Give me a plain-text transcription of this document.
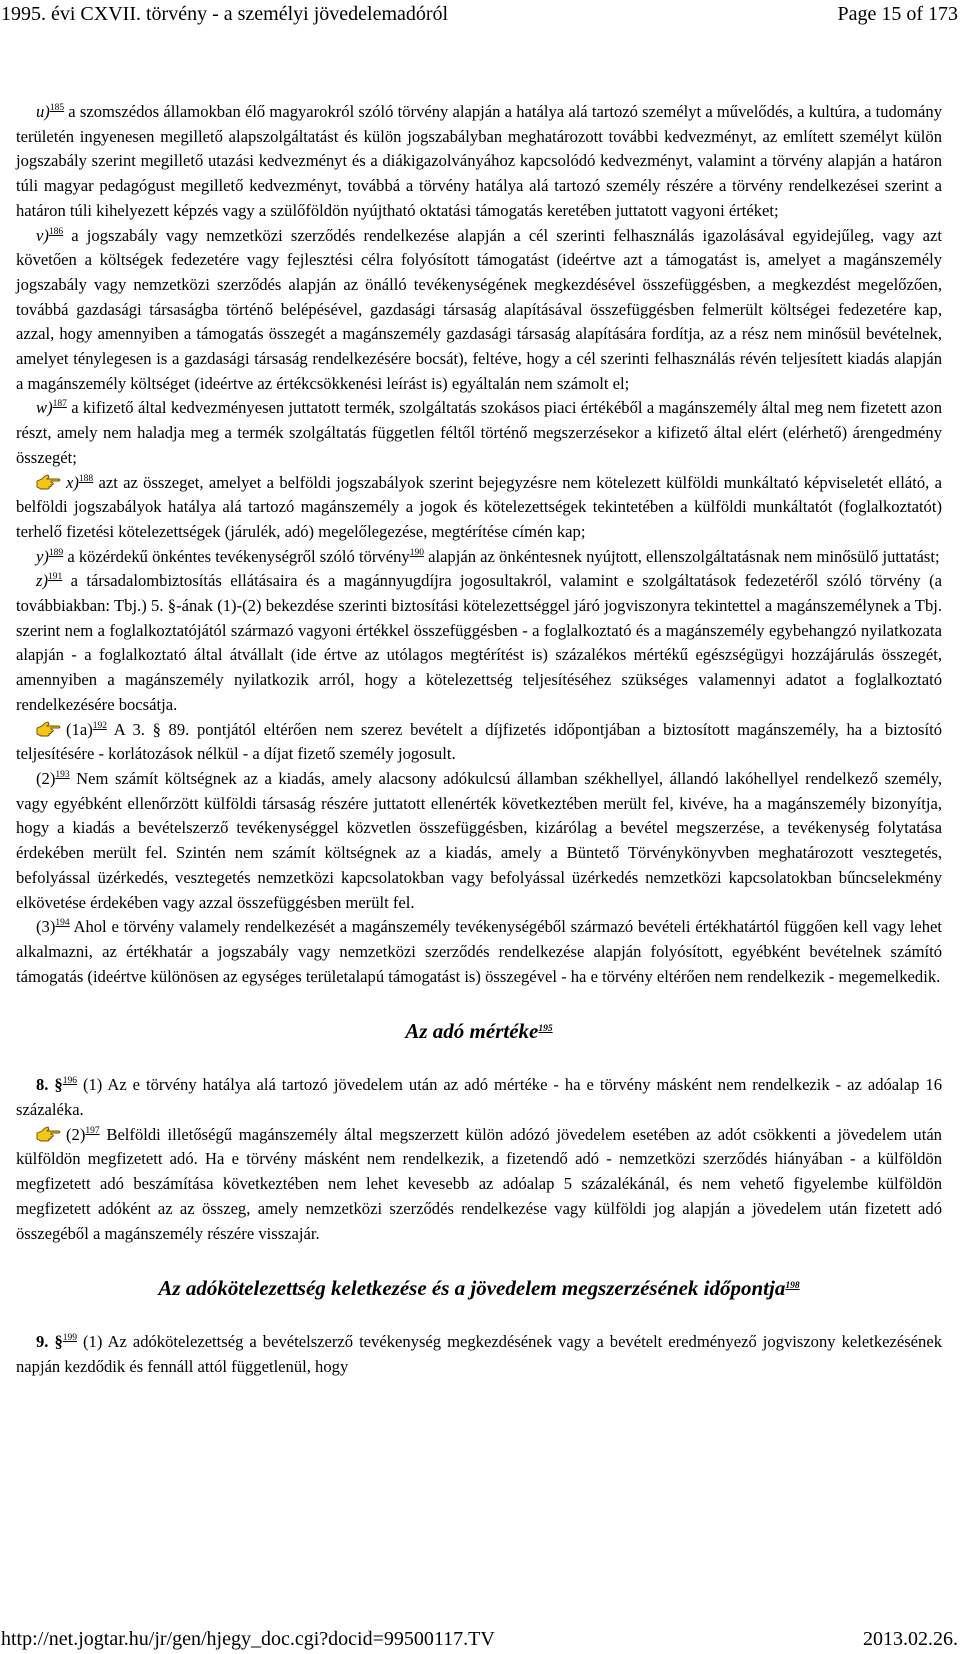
1995. évi CXVII. törvény - a személyi jövedelemadóról	Page 15 of 173

u)$^{185}$ a szomszédos államokban élő magyarokról szóló törvény alapján a hatálya alá tartozó személyt a művelődés, a kultúra, a tudomány területén ingyenesen megillető alapszolgáltatást és külön jogszabályban meghatározott további kedvezményt, az említett személyt külön jogszabály szerint megillető utazási kedvezményt és a diákigazolványához kapcsolódó kedvezményt, valamint a törvény alapján a határon túli magyar pedagógust megillető kedvezményt, továbbá a törvény hatálya alá tartozó személy részére a törvény rendelkezései szerint a határon túli kihelyezett képzés vagy a szülőföldön nyújtható oktatási támogatás keretében juttatott vagyoni értéket;

v)$^{186}$ a jogszabály vagy nemzetközi szerződés rendelkezése alapján a cél szerinti felhasználás igazolásával egyidejűleg, vagy azt követően a költségek fedezetére vagy fejlesztési célra folyósított támogatást (ideértve azt a támogatást is, amelyet a magánszemély jogszabály vagy nemzetközi szerződés alapján az önálló tevékenységének megkezdésével összefüggésben, a megkezdést megelőzően, továbbá gazdasági társaságba történő belépésével, gazdasági társaság alapításával összefüggésben felmerült költségei fedezetére kap, azzal, hogy amennyiben a támogatás összegét a magánszemély gazdasági társaság alapítására fordítja, az a rész nem minősül bevételnek, amelyet ténylegesen is a gazdasági társaság rendelkezésére bocsát), feltéve, hogy a cél szerinti felhasználás révén teljesített kiadás alapján a magánszemély költséget (ideértve az értékcsökkenési leírást is) egyáltalán nem számolt el;

w)$^{187}$ a kifizető által kedvezményesen juttatott termék, szolgáltatás szokásos piaci értékéből a magánszemély által meg nem fizetett azon részt, amely nem haladja meg a termék szolgáltatás független féltől történő megszerzésekor a kifizető által elért (elérhető) árengedmény összegét;

x)$^{188}$ azt az összeget, amelyet a belföldi jogszabályok szerint bejegyzésre nem kötelezett külföldi munkáltató képviseletét ellátó, a belföldi jogszabályok hatálya alá tartozó magánszemély a jogok és kötelezettségek tekintetében a külföldi munkáltatót (foglalkoztatót) terhelő fizetési kötelezettségek (járulék, adó) megelőlegezése, megtérítése címén kap;

y)$^{189}$ a közérdekű önkéntes tevékenységről szóló törvény$^{190}$ alapján az önkéntesnek nyújtott, ellenszolgáltatásnak nem minősülő juttatást;

z)$^{191}$ a társadalombiztosítás ellátásaira és a magánnyugdíjra jogosultakról, valamint e szolgáltatások fedezetéről szóló törvény (a továbbiakban: Tbj.) 5. §-ának (1)-(2) bekezdése szerinti biztosítási kötelezettséggel járó jogviszonyra tekintettel a magánszemélynek a Tbj. szerint nem a foglalkoztatójától származó vagyoni értékkel összefüggésben - a foglalkoztató és a magánszemély egybehangzó nyilatkozata alapján - a foglalkoztató által átvállalt (ide értve az utólagos megtérítést is) százalékos mértékű egészségügyi hozzájárulás összegét, amennyiben a magánszemély nyilatkozik arról, hogy a kötelezettség teljesítéséhez szükséges valamennyi adatot a foglalkoztató rendelkezésére bocsátja.

$(1a)^{192}$ A 3. § 89. pontjától eltérően nem szerez bevételt a díjfizetés időpontjában a biztosított magánszemély, ha a biztosító teljesítésére - korlátozások nélkül - a díjat fizető személy jogosult.

$(2)^{193}$ Nem számít költségnek az a kiadás, amely alacsony adókulcsú államban székhellyel, állandó lakóhellyel rendelkező személy, vagy egyébként ellenőrzött külföldi társaság részére juttatott ellenérték következtében merült fel, kivéve, ha a magánszemély bizonyítja, hogy a kiadás a bevételszerző tevékenységgel közvetlen összefüggésben, kizárólag a bevétel megszerzése, a tevékenység folytatása érdekében merült fel. Szintén nem számít költségnek az a kiadás, amely a Büntető Törvénykönyvben meghatározott vesztegetés, befolyással üzérkedés, vesztegetés nemzetközi kapcsolatokban vagy befolyással üzérkedés nemzetközi kapcsolatokban bűncselekmény elkövetése érdekében vagy azzal összefüggésben merült fel.

$(3)^{194}$ Ahol e törvény valamely rendelkezését a magánszemély tevékenységéből származó bevételi értékhatártól függően kell vagy lehet alkalmazni, az értékhatár a jogszabály vagy nemzetközi szerződés rendelkezése alapján folyósított, egyébként bevételnek számító támogatás (ideértve különösen az egységes területalapú támogatást is) összegével - ha e törvény eltérően nem rendelkezik - megemelkedik.

Az adó mértéke$^{195}$

8. §$^{196}$ (1) Az e törvény hatálya alá tartozó jövedelem után az adó mértéke - ha e törvény másként nem rendelkezik - az adóalap 16 százaléka.

$(2)^{197}$ Belföldi illetőségű magánszemély által megszerzett külön adózó jövedelem esetében az adót csökkenti a jövedelem után külföldön megfizetett adó. Ha e törvény másként nem rendelkezik, a fizetendő adó - nemzetközi szerződés hiányában - a külföldön megfizetett adó beszámítása következtében nem lehet kevesebb az adóalap 5 százalékánál, és nem vehető figyelembe külföldön megfizetett adóként az az összeg, amely nemzetközi szerződés rendelkezése vagy külföldi jog alapján a jövedelem után fizetett adó összegéből a magánszemély részére visszajár.

Az adókötelezettség keletkezése és a jövedelem megszerzésének időpontja$^{198}$

9. §$^{199}$ (1) Az adókötelezettség a bevételszerző tevékenység megkezdésének vagy a bevételt eredményező jogviszony keletkezésének napján kezdődik és fennáll attól függetlenül, hogy

http://net.jogtar.hu/jr/gen/hjegy_doc.cgi?docid=99500117.TV	2013.02.26.
